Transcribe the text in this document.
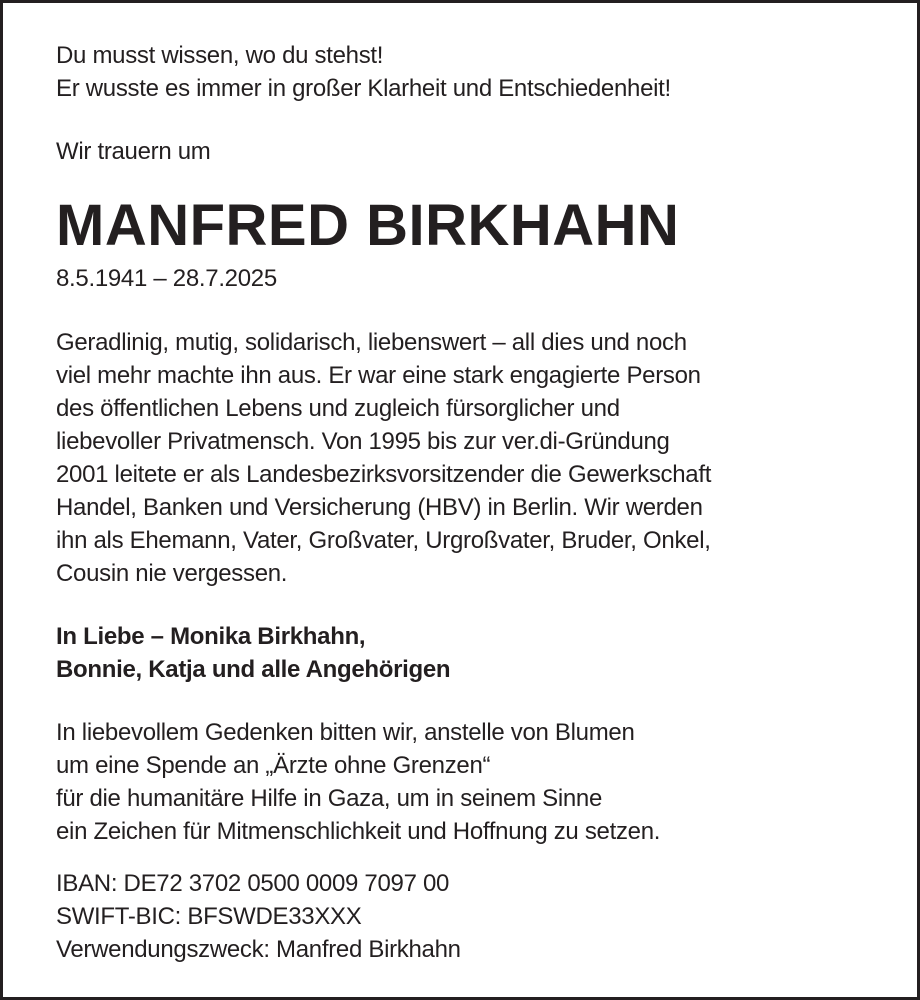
Du musst wissen, wo du stehst!
Er wusste es immer in großer Klarheit und Entschiedenheit!
Wir trauern um
MANFRED BIRKHAHN
8.5.1941 – 28.7.2025
Geradlinig, mutig, solidarisch, liebenswert – all dies und noch
viel mehr machte ihn aus. Er war eine stark engagierte Person
des öffentlichen Lebens und zugleich fürsorglicher und
liebevoller Privatmensch. Von 1995 bis zur ver.di-Gründung
2001 leitete er als Landesbezirksvorsitzender die Gewerkschaft
Handel, Banken und Versicherung (HBV) in Berlin. Wir werden
ihn als Ehemann, Vater, Großvater, Urgroßvater, Bruder, Onkel,
Cousin nie vergessen.
In Liebe – Monika Birkhahn,
Bonnie, Katja und alle Angehörigen
In liebevollem Gedenken bitten wir, anstelle von Blumen
um eine Spende an „Ärzte ohne Grenzen“
für die humanitäre Hilfe in Gaza, um in seinem Sinne
ein Zeichen für Mitmenschlichkeit und Hoffnung zu setzen.
IBAN: DE72 3702 0500 0009 7097 00
SWIFT-BIC: BFSWDE33XXX
Verwendungszweck: Manfred Birkhahn
